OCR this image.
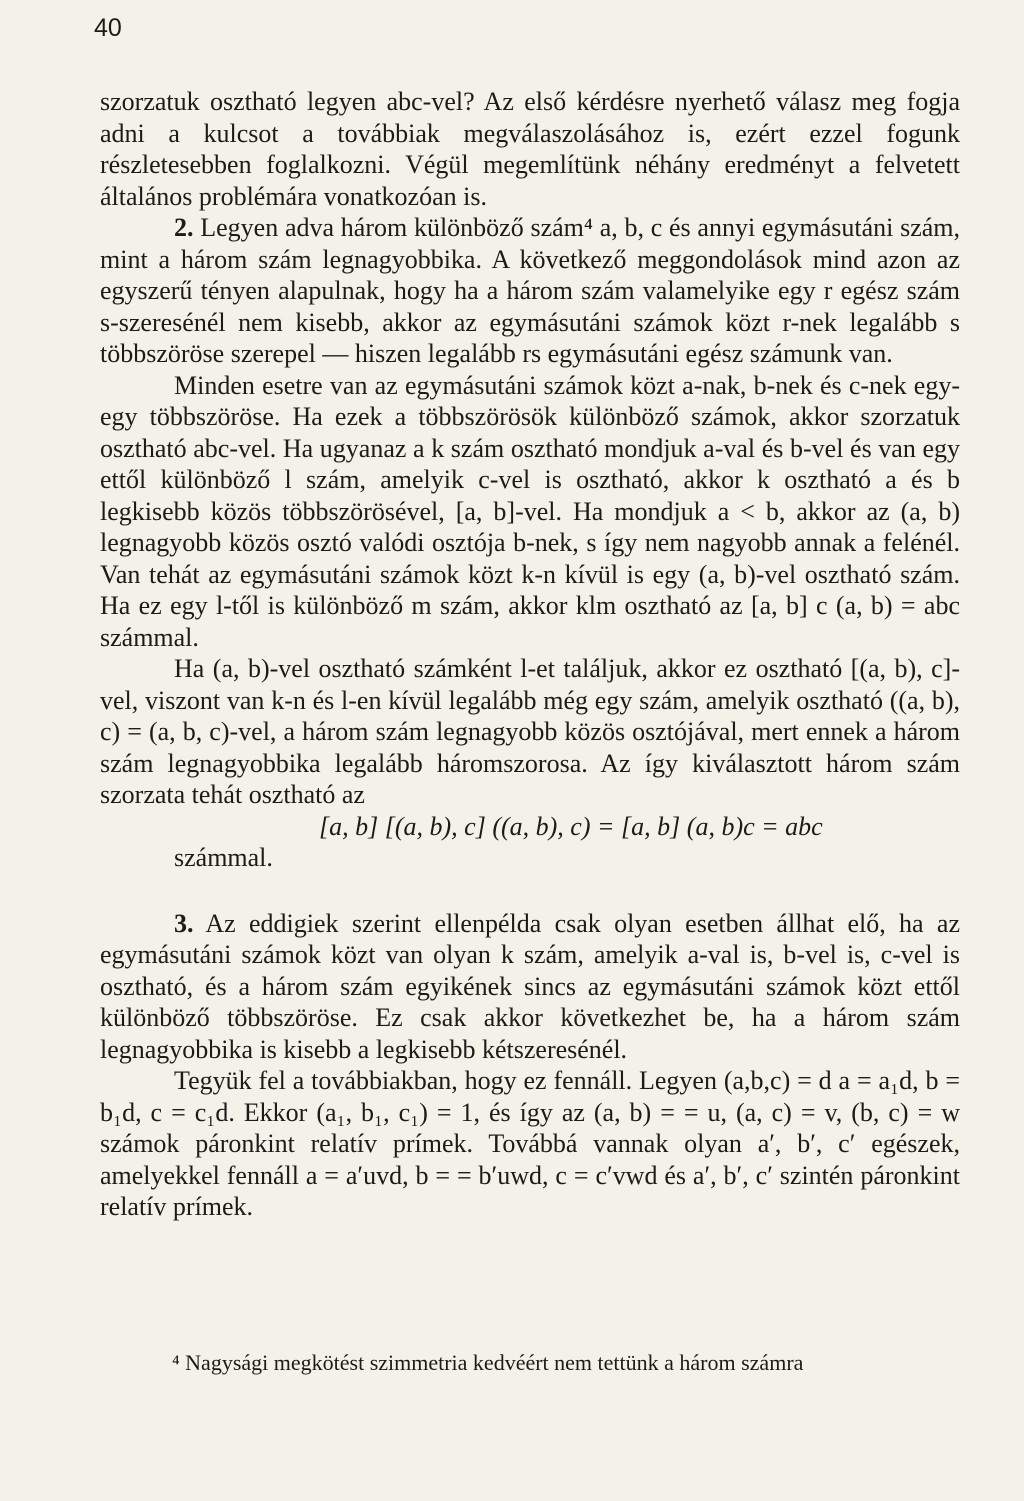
40

szorzatuk osztható legyen abc-vel? Az első kérdésre nyerhető válasz meg fogja adni a kulcsot a továbbiak megválaszolásához is, ezért ezzel fogunk részletesebben foglalkozni. Végül megemlítünk néhány eredményt a felvetett általános problémára vonatkozóan is.

2. Legyen adva három különböző szám⁴ a, b, c és annyi egymásutáni szám, mint a három szám legnagyobbika. A következő meggondolások mind azon az egyszerű tényen alapulnak, hogy ha a három szám valamelyike egy r egész szám s-szeresénél nem kisebb, akkor az egymásutáni számok közt r-nek legalább s többszöröse szerepel — hiszen legalább rs egymásutáni egész számunk van.

Minden esetre van az egymásutáni számok közt a-nak, b-nek és c-nek egy-egy többszöröse. Ha ezek a többszörösök különböző számok, akkor szorzatuk osztható abc-vel. Ha ugyanaz a k szám osztható mondjuk a-val és b-vel és van egy ettől különböző l szám, amelyik c-vel is osztható, akkor k osztható a és b legkisebb közös többszörösével, [a, b]-vel. Ha mondjuk a < b, akkor az (a, b) legnagyobb közös osztó valódi osztója b-nek, s így nem nagyobb annak a felénél. Van tehát az egymásutáni számok közt k-n kívül is egy (a, b)-vel osztható szám. Ha ez egy l-től is különböző m szám, akkor klm osztható az [a, b] c (a, b) = abc számmal.

Ha (a, b)-vel osztható számként l-et találjuk, akkor ez osztható [(a, b), c]-vel, viszont van k-n és l-en kívül legalább még egy szám, amelyik osztható ((a, b), c) = (a, b, c)-vel, a három szám legnagyobb közös osztójával, mert ennek a három szám legnagyobbika legalább háromszorosa. Az így kiválasztott három szám szorzata tehát osztható az

[a, b] [(a, b), c] ((a, b), c) = [a, b] (a, b)c = abc

számmal.

3. Az eddigiek szerint ellenpélda csak olyan esetben állhat elő, ha az egymásutáni számok közt van olyan k szám, amelyik a-val is, b-vel is, c-vel is osztható, és a három szám egyikének sincs az egymásutáni számok közt ettől különböző többszöröse. Ez csak akkor következhet be, ha a három szám legnagyobbika is kisebb a legkisebb kétszeresénél.

Tegyük fel a továbbiakban, hogy ez fennáll. Legyen (a,b,c) = d a = a₁d, b = b₁d, c = c₁d. Ekkor (a₁, b₁, c₁) = 1, és így az (a, b) = = u, (a, c) = v, (b, c) = w számok páronkint relatív prímek. Továbbá vannak olyan a′, b′, c′ egészek, amelyekkel fennáll a = a′uvd, b = = b′uwd, c = c′vwd és a′, b′, c′ szintén páronkint relatív prímek.

⁴ Nagysági megkötést szimmetria kedvéért nem tettünk a három számra
